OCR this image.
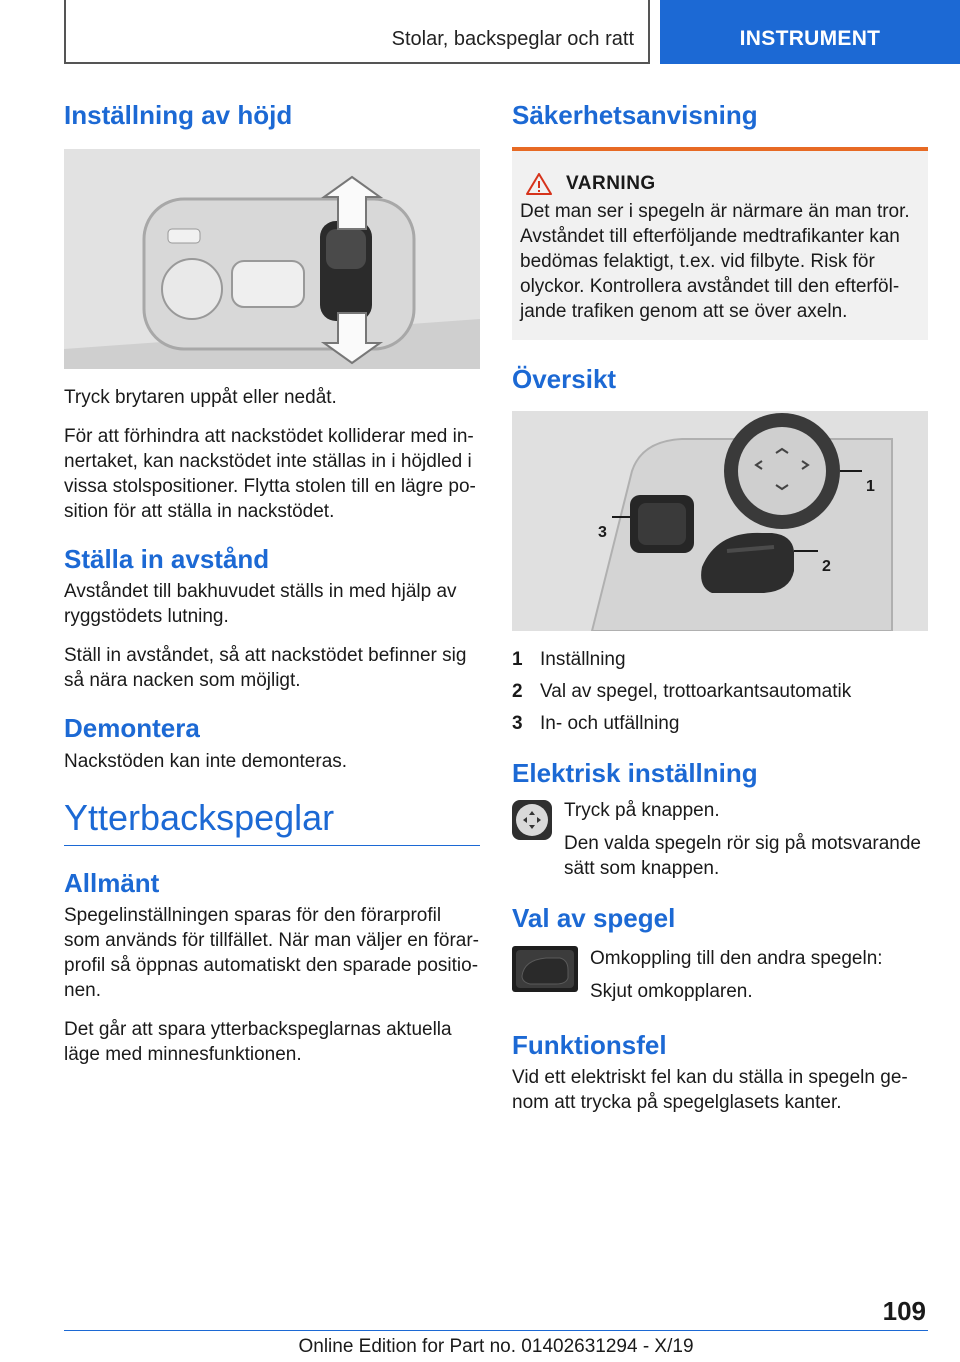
Stolar, backspeglar och ratt	INSTRUMENT
Inställning av höjd

Tryck brytaren uppåt eller nedåt.

För att förhindra att nackstödet kolliderar med innertaket, kan nackstödet inte ställas in i höjdled i vissa stolspositioner. Flytta stolen till en lägre position för att ställa in nackstödet.

Ställa in avstånd

Avståndet till bakhuvudet ställs in med hjälp av ryggstödets lutning.

Ställ in avståndet, så att nackstödet befinner sig så nära nacken som möjligt.

Demontera

Nackstöden kan inte demonteras.

Ytterbackspeglar
Allmänt

Spegelinställningen sparas för den förarprofil som används för tillfället. När man väljer en förarprofil så öppnas automatiskt den sparade positionen.

Det går att spara ytterbackspeglarnas aktuella läge med minnesfunktionen.

Säkerhetsanvisning
VARNING

Det man ser i spegeln är närmare än man tror. Avståndet till efterföljande medtrafikanter kan bedömas felaktigt, t.ex. vid filbyte. Risk för olyckor. Kontrollera avståndet till den efterföljande trafiken genom att se över axeln.

Översikt
1
2
3
1 Inställning
2 Val av spegel, trottoarkantsautomatik
3 In- och utfällning
Elektrisk inställning

Tryck på knappen.

Den valda spegeln rör sig på motsvarande sätt som knappen.

Val av spegel

Omkoppling till den andra spegeln:

Skjut omkopplaren.

Funktionsfel

Vid ett elektriskt fel kan du ställa in spegeln genom att trycka på spegelglasets kanter.

109
Online Edition for Part no. 01402631294 - X/19
